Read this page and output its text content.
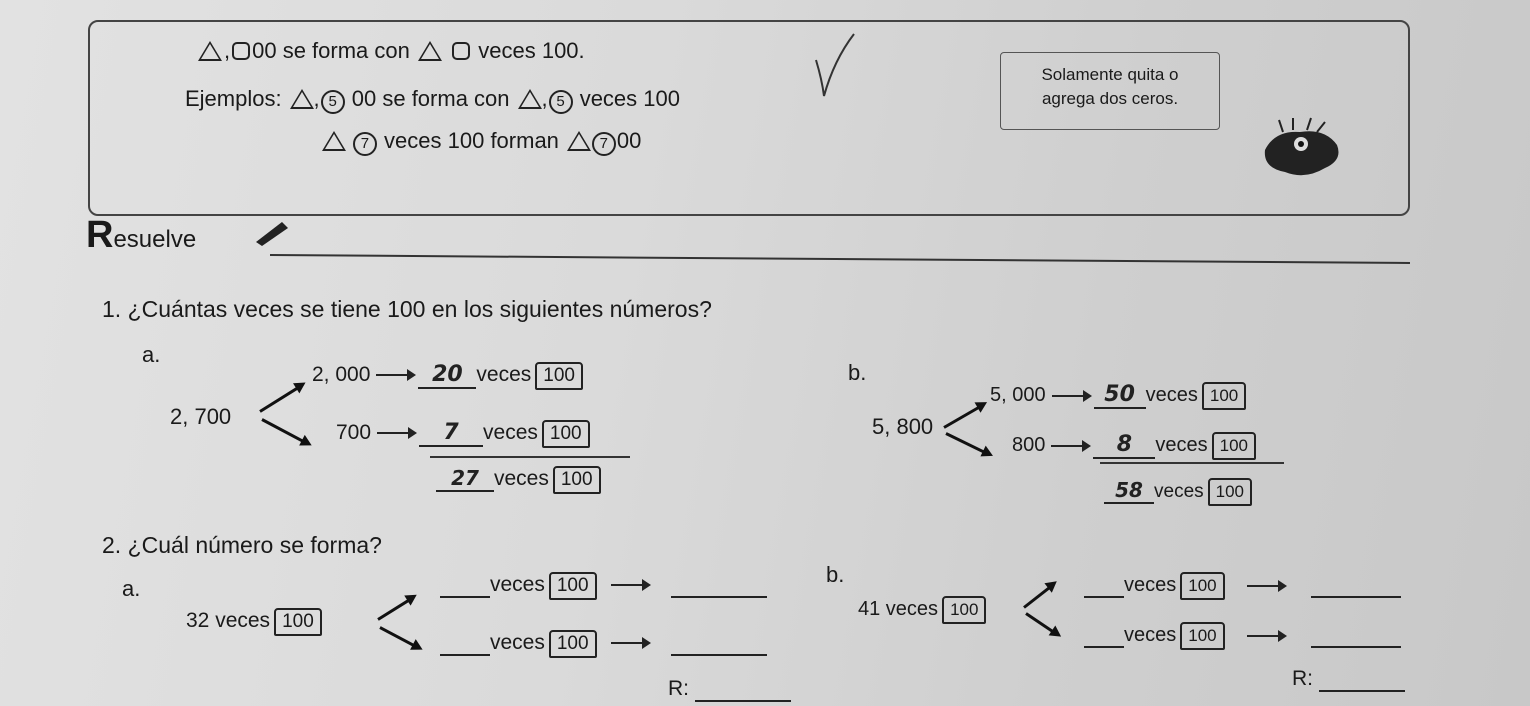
, 00 se forma con	veces 100.
Ejemplos: 2 , 5 00 se forma con 2 , 5 veces 100
4 7 veces 100 forman 4 7 00
Solamente quita o
agrega dos ceros.
Resuelve
1. ¿Cuántas veces se tiene 100 en los siguientes números?
a.
b.
2, 700
2, 000	20 veces 100
700	7 veces 100
27 veces 100
5, 800
5, 000	50 veces 100
800	8 veces 100
58 veces 100
2. ¿Cuál número se forma?
a.
b.
32 veces 100
veces 100
veces 100
R:
41 veces 100
veces 100
veces 100
R:
